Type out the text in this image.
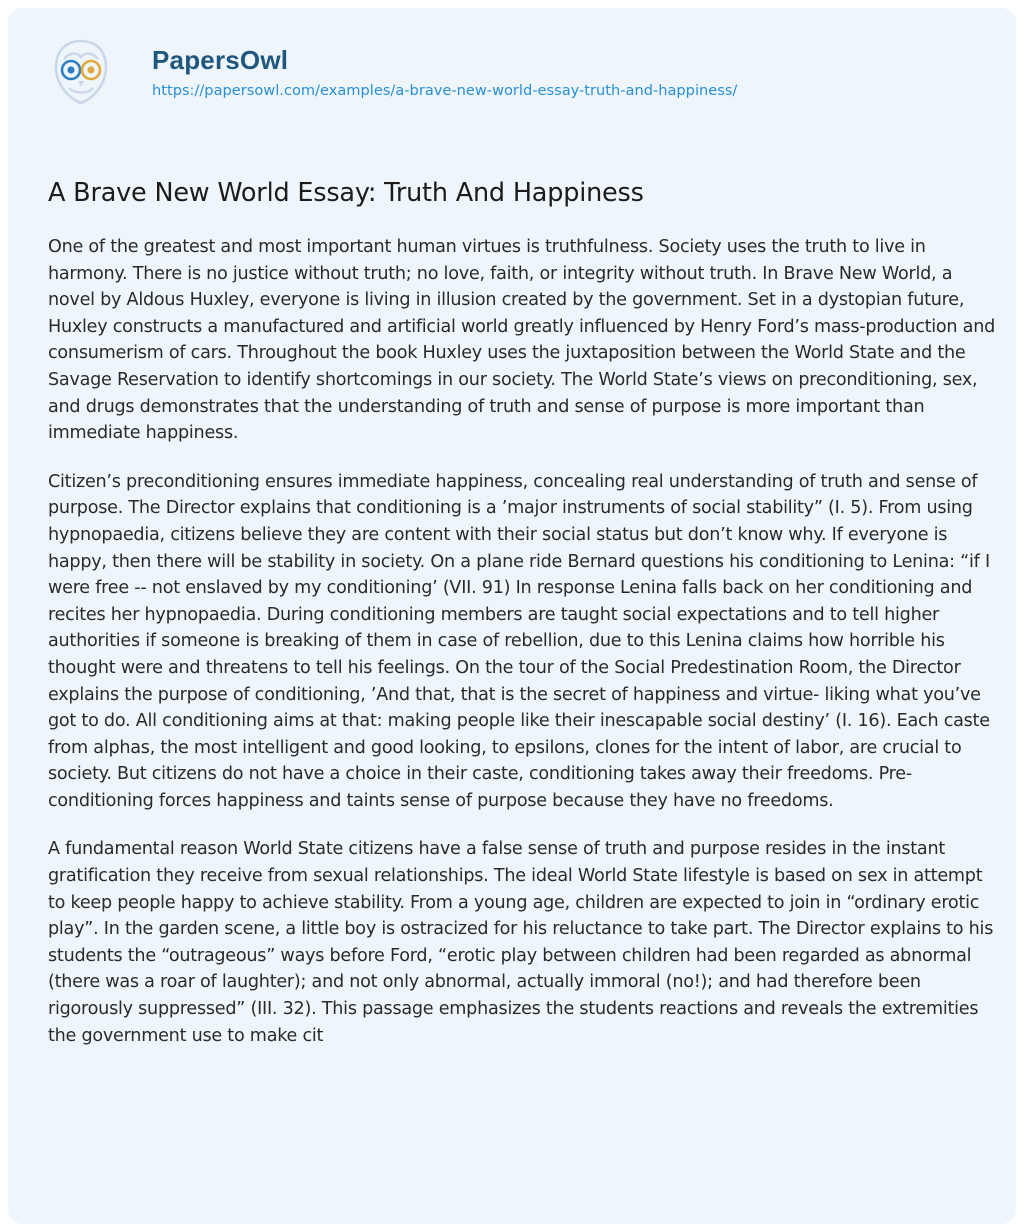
PapersOwl
https://papersowl.com/examples/a-brave-new-world-essay-truth-and-happiness/
A Brave New World Essay: Truth And Happiness

One of the greatest and most important human virtues is truthfulness. Society uses the truth to live in harmony. There is no justice without truth; no love, faith, or integrity without truth. In Brave New World, a novel by Aldous Huxley, everyone is living in illusion created by the government. Set in a dystopian future, Huxley constructs a manufactured and artificial world greatly influenced by Henry Ford’s mass-production and consumerism of cars. Throughout the book Huxley uses the juxtaposition between the World State and the Savage Reservation to identify shortcomings in our society. The World State’s views on preconditioning, sex, and drugs demonstrates that the understanding of truth and sense of purpose is more important than immediate happiness.

Citizen’s preconditioning ensures immediate happiness, concealing real understanding of truth and sense of purpose. The Director explains that conditioning is a ’major instruments of social stability” (I. 5). From using hypnopaedia, citizens believe they are content with their social status but don’t know why. If everyone is happy, then there will be stability in society. On a plane ride Bernard questions his conditioning to Lenina: “if I were free -- not enslaved by my conditioning’ (VII. 91) In response Lenina falls back on her conditioning and recites her hypnopaedia. During conditioning members are taught social expectations and to tell higher authorities if someone is breaking of them in case of rebellion, due to this Lenina claims how horrible his thought were and threatens to tell his feelings. On the tour of the Social Predestination Room, the Director explains the purpose of conditioning, ’And that, that is the secret of happiness and virtue- liking what you’ve got to do. All conditioning aims at that: making people like their inescapable social destiny’ (I. 16). Each caste from alphas, the most intelligent and good looking, to epsilons, clones for the intent of labor, are crucial to society. But citizens do not have a choice in their caste, conditioning takes away their freedoms. Pre-conditioning forces happiness and taints sense of purpose because they have no freedoms.

A fundamental reason World State citizens have a false sense of truth and purpose resides in the instant gratification they receive from sexual relationships. The ideal World State lifestyle is based on sex in attempt to keep people happy to achieve stability. From a young age, children are expected to join in “ordinary erotic play”. In the garden scene, a little boy is ostracized for his reluctance to take part. The Director explains to his students the “outrageous” ways before Ford, “erotic play between children had been regarded as abnormal (there was a roar of laughter); and not only abnormal, actually immoral (no!); and had therefore been rigorously suppressed” (III. 32). This passage emphasizes the students reactions and reveals the extremities the government use to make cit
